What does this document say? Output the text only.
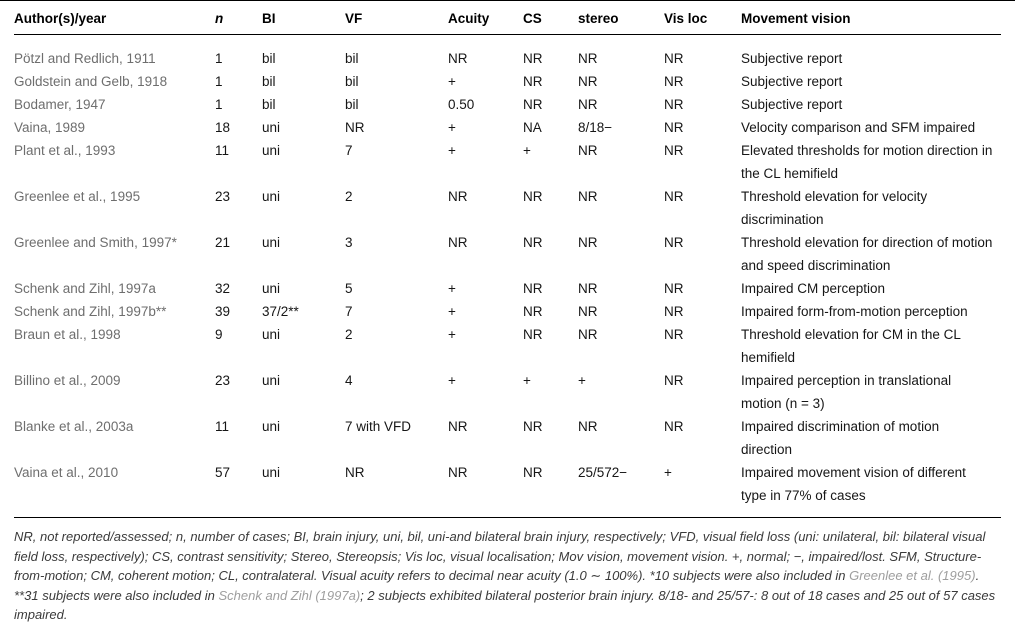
Author(s)/year	n	BI	VF	Acuity	CS	stereo	Vis loc	Movement vision
Pötzl and Redlich, 1911	1	bil	bil	NR	NR	NR	NR	Subjective report
Goldstein and Gelb, 1918	1	bil	bil	+	NR	NR	NR	Subjective report
Bodamer, 1947	1	bil	bil	0.50	NR	NR	NR	Subjective report
Vaina, 1989	18	uni	NR	+	NA	8/18−	NR	Velocity comparison and SFM impaired
Plant et al., 1993	11	uni	7	+	+	NR	NR	Elevated thresholds for motion direction in the CL hemifield
Greenlee et al., 1995	23	uni	2	NR	NR	NR	NR	Threshold elevation for velocity discrimination
Greenlee and Smith, 1997*	21	uni	3	NR	NR	NR	NR	Threshold elevation for direction of motion and speed discrimination
Schenk and Zihl, 1997a	32	uni	5	+	NR	NR	NR	Impaired CM perception
Schenk and Zihl, 1997b**	39	37/2**	7	+	NR	NR	NR	Impaired form-from-motion perception
Braun et al., 1998	9	uni	2	+	NR	NR	NR	Threshold elevation for CM in the CL hemifield
Billino et al., 2009	23	uni	4	+	+	+	NR	Impaired perception in translational motion (n = 3)
Blanke et al., 2003a	11	uni	7 with VFD	NR	NR	NR	NR	Impaired discrimination of motion direction
Vaina et al., 2010	57	uni	NR	NR	NR	25/572−	+	Impaired movement vision of different type in 77% of cases
NR, not reported/assessed; n, number of cases; BI, brain injury, uni, bil, uni-and bilateral brain injury, respectively; VFD, visual field loss (uni: unilateral, bil: bilateral visual field loss, respectively); CS, contrast sensitivity; Stereo, Stereopsis; Vis loc, visual localisation; Mov vision, movement vision. +, normal; −, impaired/lost. SFM, Structure-from-motion; CM, coherent motion; CL, contralateral. Visual acuity refers to decimal near acuity (1.0 ∼ 100%). *10 subjects were also included in Greenlee et al. (1995). **31 subjects were also included in Schenk and Zihl (1997a); 2 subjects exhibited bilateral posterior brain injury. 8/18- and 25/57-: 8 out of 18 cases and 25 out of 57 cases impaired.
